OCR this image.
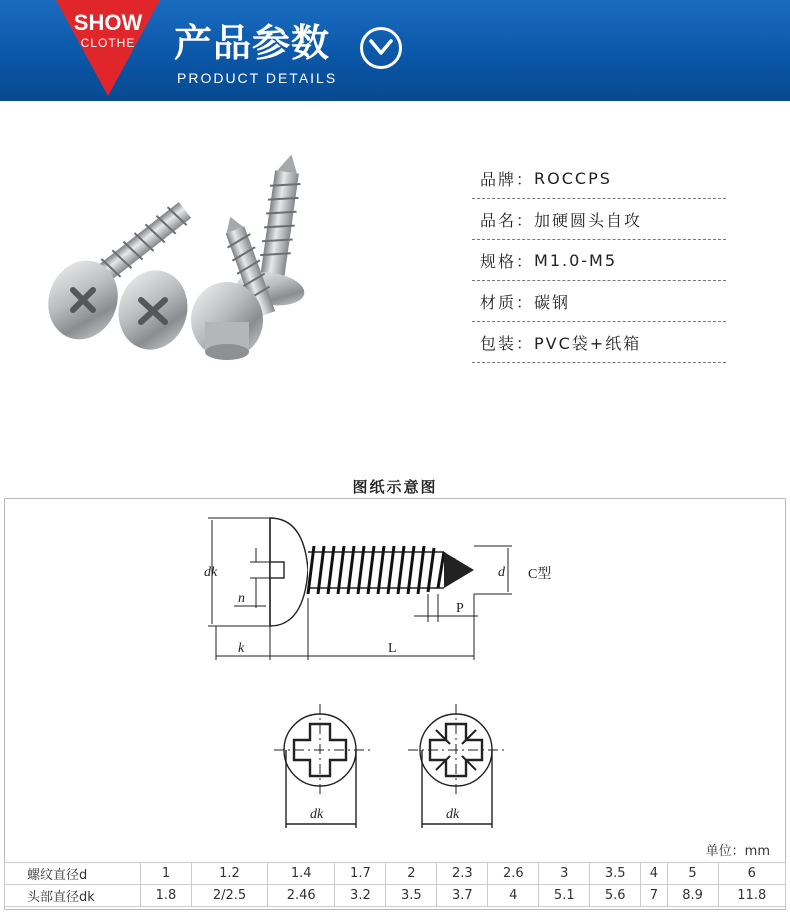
SHOW
CLOTHE	产品参数
PRODUCT DETAILS
品牌： ROCCPS
品名： 加硬圆头自攻
规格： M1.0-M5
材质： 碳钢
包装： PVC袋+纸箱
图纸示意图
dk
n
d C型
P
k	L
dk	dk
单位：mm
螺纹直径d	1	1.2	1.4	1.7	2	2.3	2.6	3	3.5	4	5	6
头部直径dk	1.8	2/2.5	2.46	3.2	3.5	3.7	4	5.1	5.6	7	8.9	11.8
